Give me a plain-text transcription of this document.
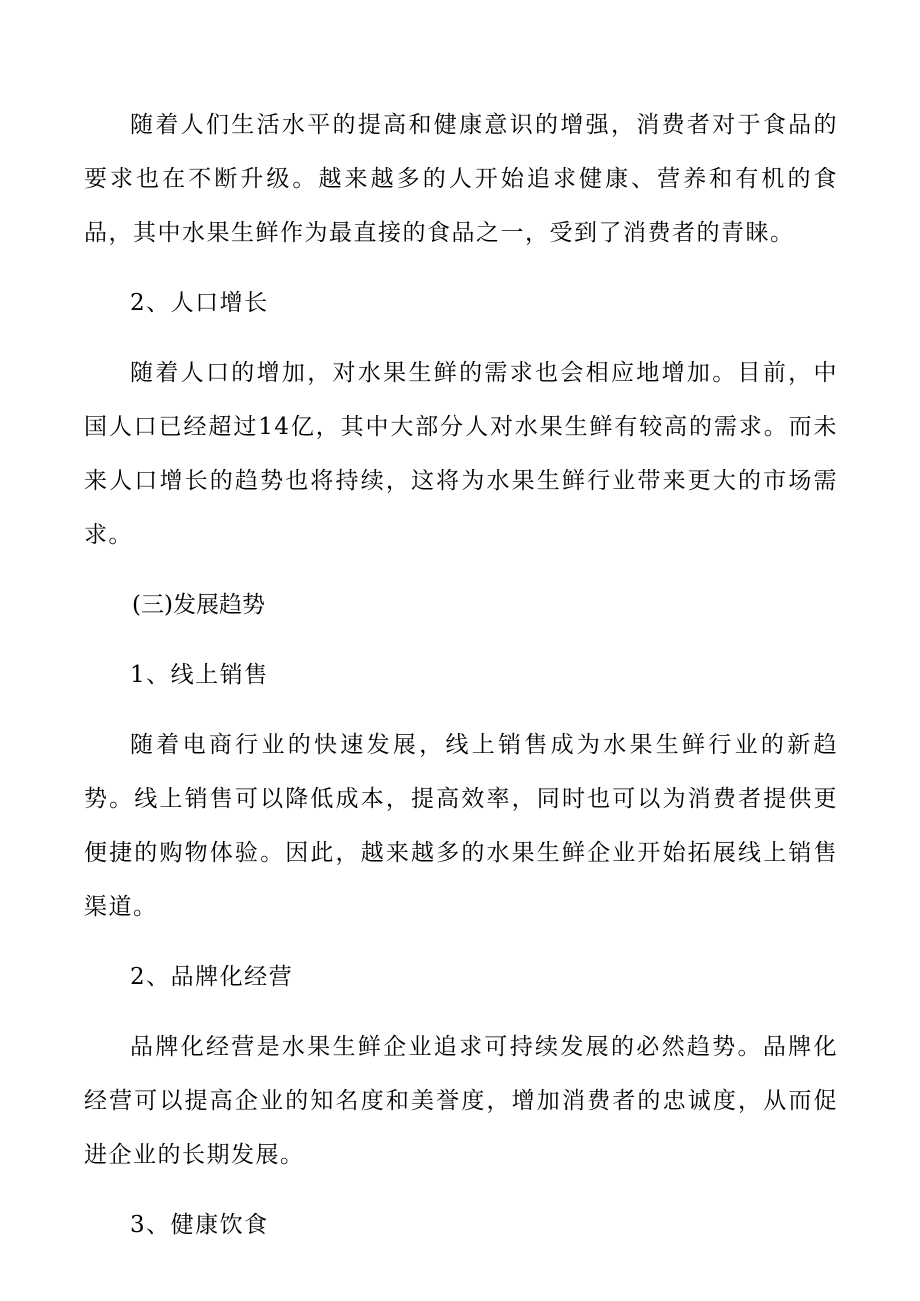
随着人们生活水平的提高和健康意识的增强，消费者对于食品的要求也在不断升级。越来越多的人开始追求健康、营养和有机的食品，其中水果生鲜作为最直接的食品之一，受到了消费者的青睐。

2、人口增长

随着人口的增加，对水果生鲜的需求也会相应地增加。目前，中国人口已经超过14亿，其中大部分人对水果生鲜有较高的需求。而未来人口增长的趋势也将持续，这将为水果生鲜行业带来更大的市场需求。

(三)发展趋势

1、线上销售

随着电商行业的快速发展，线上销售成为水果生鲜行业的新趋势。线上销售可以降低成本，提高效率，同时也可以为消费者提供更便捷的购物体验。因此，越来越多的水果生鲜企业开始拓展线上销售渠道。

2、品牌化经营

品牌化经营是水果生鲜企业追求可持续发展的必然趋势。品牌化经营可以提高企业的知名度和美誉度，增加消费者的忠诚度，从而促进企业的长期发展。

3、健康饮食
